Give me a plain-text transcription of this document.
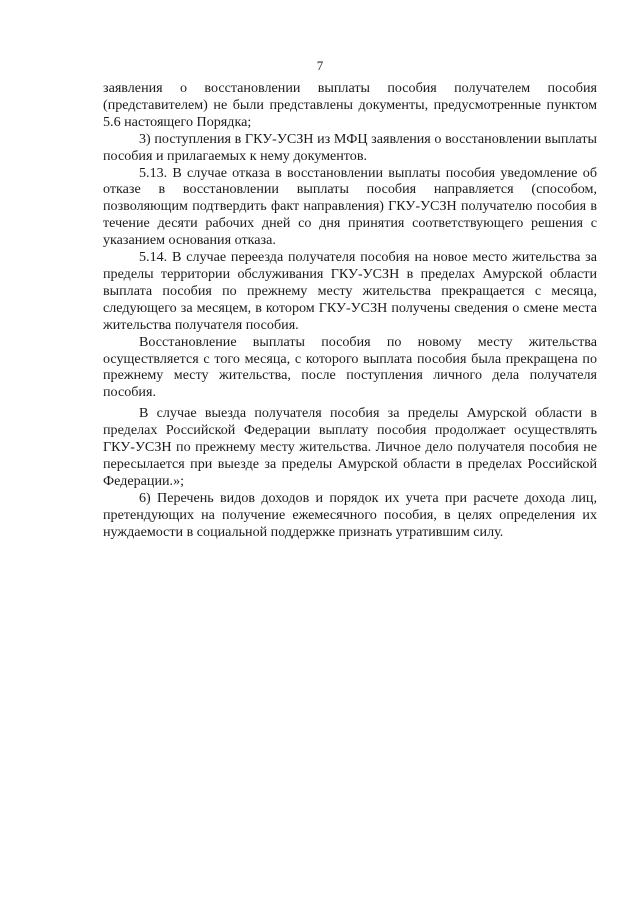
7

заявления о восстановлении выплаты пособия получателем пособия (представителем) не были представлены документы, предусмотренные пунктом 5.6 настоящего Порядка;

3) поступления в ГКУ-УСЗН из МФЦ заявления о восстановлении выплаты пособия и прилагаемых к нему документов.

5.13. В случае отказа в восстановлении выплаты пособия уведомление об отказе в восстановлении выплаты пособия направляется (способом, позволяющим подтвердить факт направления) ГКУ-УСЗН получателю пособия в течение десяти рабочих дней со дня принятия соответствующего решения с указанием основания отказа.

5.14. В случае переезда получателя пособия на новое место жительства за пределы территории обслуживания ГКУ-УСЗН в пределах Амурской области выплата пособия по прежнему месту жительства прекращается с месяца, следующего за месяцем, в котором ГКУ-УСЗН получены сведения о смене места жительства получателя пособия.

Восстановление выплаты пособия по новому месту жительства осуществляется с того месяца, с которого выплата пособия была прекращена по прежнему месту жительства, после поступления личного дела получателя пособия.

В случае выезда получателя пособия за пределы Амурской области в пределах Российской Федерации выплату пособия продолжает осуществлять ГКУ-УСЗН по прежнему месту жительства. Личное дело получателя пособия не пересылается при выезде за пределы Амурской области в пределах Российской Федерации.»;

6) Перечень видов доходов и порядок их учета при расчете дохода лиц, претендующих на получение ежемесячного пособия, в целях определения их нуждаемости в социальной поддержке признать утратившим силу.
